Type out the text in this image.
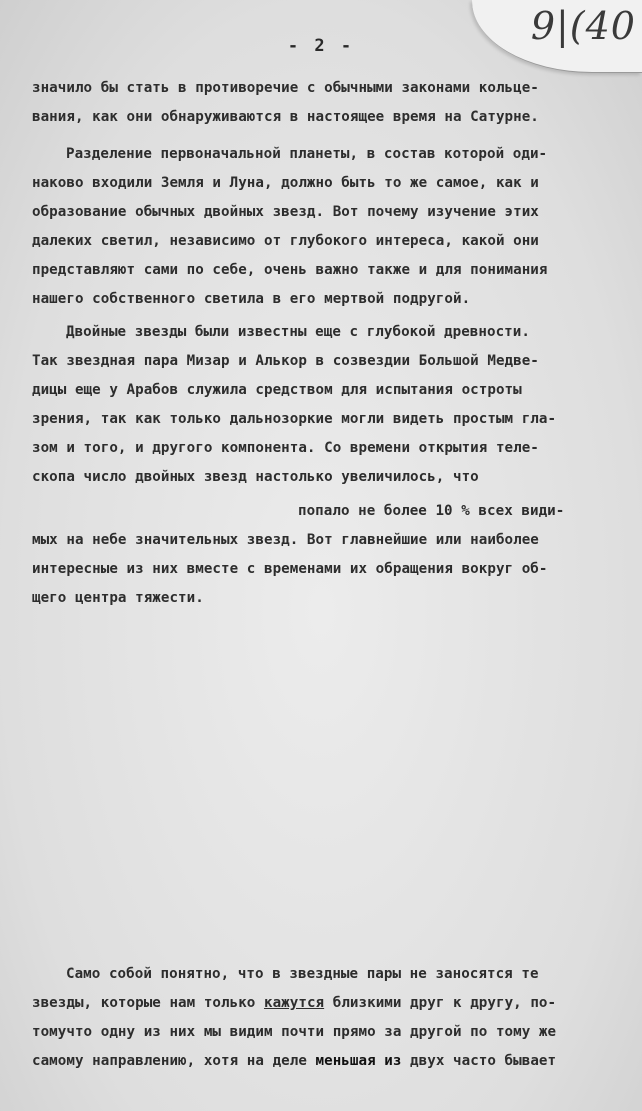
9|(40
- 2 -
значило бы стать в противоречие с обычными законами кольце-
вания, как они обнаруживаются в настоящее время на Сатурне.
Разделение первоначальной планеты, в состав которой оди-
наково входили Земля и Луна, должно быть то же самое, как и
образование обычных двойных звезд. Вот почему изучение этих
далеких светил, независимо от глубокого интереса, какой они
представляют сами по себе, очень важно также и для понимания
нашего собственного светила в его мертвой подругой.
Двойные звезды были известны еще с глубокой древности.
Так звездная пара Мизар и Алькор в созвездии Большой Медве-
дицы еще у Арабов служила средством для испытания остроты
зрения, так как только дальнозоркие могли видеть простым гла-
зом и того, и другого компонента. Со времени открытия теле-
скопа число двойных звезд настолько увеличилось, что
попало не более 10 % всех види-
мых на небе значительных звезд. Вот главнейшие или наиболее
интересные из них вместе с временами их обращения вокруг об-
щего центра тяжести.
Само собой понятно, что в звездные пары не заносятся те
звезды, которые нам только кажутся близкими друг к другу, по-
томучто одну из них мы видим почти прямо за другой по тому же
самому направлению, хотя на деле меньшая из двух часто бывает
